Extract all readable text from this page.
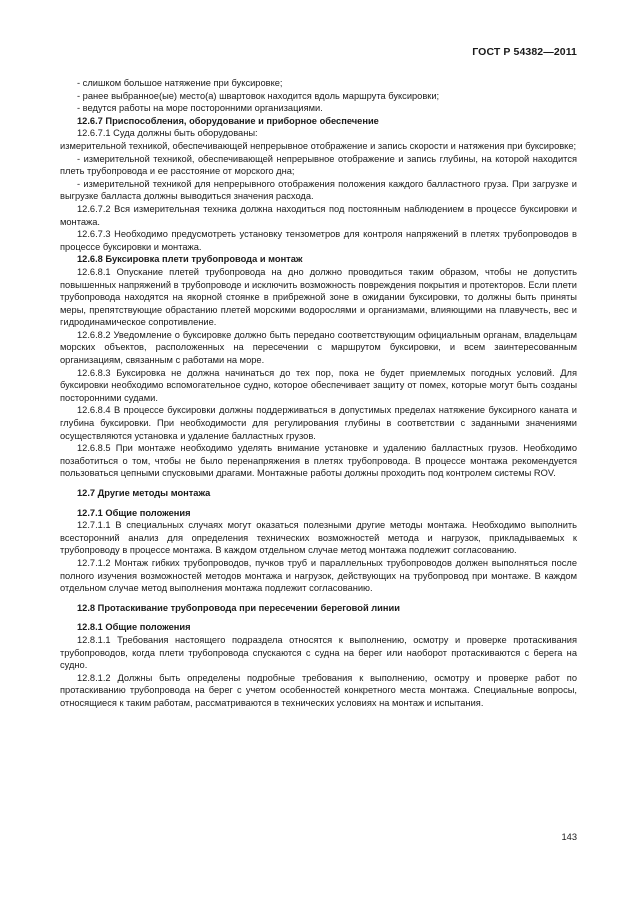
ГОСТ Р 54382—2011

- слишком большое натяжение при буксировке;

- ранее выбранное(ые) место(а) швартовок находится вдоль маршрута буксировки;

- ведутся работы на море посторонними организациями.

12.6.7 Приспособления, оборудование и приборное обеспечение

12.6.7.1 Суда должны быть оборудованы:

измерительной техникой, обеспечивающей непрерывное отображение и запись скорости и натяжения при буксировке;

- измерительной техникой, обеспечивающей непрерывное отображение и запись глубины, на которой находится плеть трубопровода и ее расстояние от морского дна;

- измерительной техникой для непрерывного отображения положения каждого балластного груза. При загрузке и выгрузке балласта должны выводиться значения расхода.

12.6.7.2 Вся измерительная техника должна находиться под постоянным наблюдением в процессе буксировки и монтажа.

12.6.7.3 Необходимо предусмотреть установку тензометров для контроля напряжений в плетях трубопроводов в процессе буксировки и монтажа.

12.6.8 Буксировка плети трубопровода и монтаж

12.6.8.1 Опускание плетей трубопровода на дно должно проводиться таким образом, чтобы не допустить повышенных напряжений в трубопроводе и исключить возможность повреждения покрытия и протекторов. Если плети трубопровода находятся на якорной стоянке в прибрежной зоне в ожидании буксировки, то должны быть приняты меры, препятствующие обрастанию плетей морскими водорослями и организмами, влияющими на плавучесть, вес и гидродинамическое сопротивление.

12.6.8.2 Уведомление о буксировке должно быть передано соответствующим официальным органам, владельцам морских объектов, расположенных на пересечении с маршрутом буксировки, и всем заинтересованным организациям, связанным с работами на море.

12.6.8.3 Буксировка не должна начинаться до тех пор, пока не будет приемлемых погодных условий. Для буксировки необходимо вспомогательное судно, которое обеспечивает защиту от помех, которые могут быть созданы посторонними судами.

12.6.8.4 В процессе буксировки должны поддерживаться в допустимых пределах натяжение буксирного каната и глубина буксировки. При необходимости для регулирования глубины в соответствии с заданными значениями осуществляются установка и удаление балластных грузов.

12.6.8.5 При монтаже необходимо уделять внимание установке и удалению балластных грузов. Необходимо позаботиться о том, чтобы не было перенапряжения в плетях трубопровода. В процессе монтажа рекомендуется пользоваться цепными спусковыми драгами. Монтажные работы должны проходить под контролем системы ROV.

12.7 Другие методы монтажа

12.7.1 Общие положения

12.7.1.1 В специальных случаях могут оказаться полезными другие методы монтажа. Необходимо выполнить всесторонний анализ для определения технических возможностей метода и нагрузок, прикладываемых к трубопроводу в процессе монтажа. В каждом отдельном случае метод монтажа подлежит согласованию.

12.7.1.2 Монтаж гибких трубопроводов, пучков труб и параллельных трубопроводов должен выполняться после полного изучения возможностей методов монтажа и нагрузок, действующих на трубопровод при монтаже. В каждом отдельном случае метод выполнения монтажа подлежит согласованию.

12.8 Протаскивание трубопровода при пересечении береговой линии

12.8.1 Общие положения

12.8.1.1 Требования настоящего подраздела относятся к выполнению, осмотру и проверке протаскивания трубопроводов, когда плети трубопровода спускаются с судна на берег или наоборот протаскиваются с берега на судно.

12.8.1.2 Должны быть определены подробные требования к выполнению, осмотру и проверке работ по протаскиванию трубопровода на берег с учетом особенностей конкретного места монтажа. Специальные вопросы, относящиеся к таким работам, рассматриваются в технических условиях на монтаж и испытания.

143
